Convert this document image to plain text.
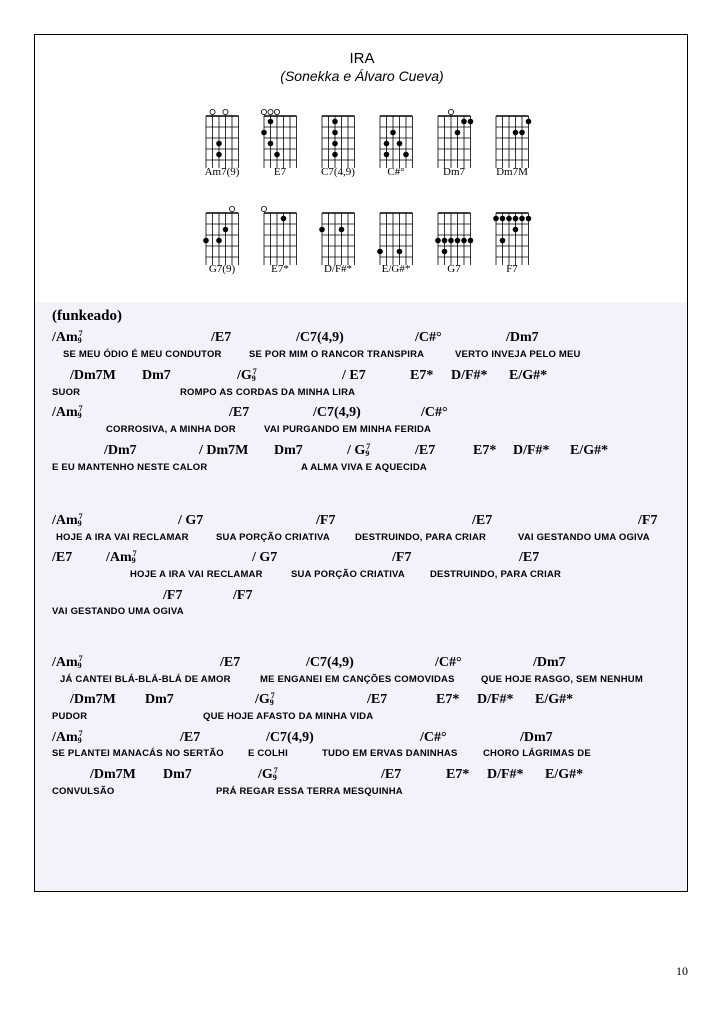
IRA
(Sonekka e Álvaro Cueva)
Am7(9)	E7	C7(4,9)	C#°	Dm7	Dm7M
G7(9)	E7*	D/F#*	E/G#*	G7	F7
(funkeado)
/Am$^7$9	/E7	/C7(4,9)	/C#°	/Dm7
SE MEU ÓDIO É MEU CONDUTOR	SE POR MIM O RANCOR TRANSPIRA	VERTO INVEJA PELO MEU
/Dm7M Dm7	$/G^79$	/ E7	E7* D/F#* E/G#*
SUOR	ROMPO AS CORDAS DA MINHA LIRA
/Am$^7$9	/E7	/C7(4,9)	/C#°
CORROSIVA, A MINHA DOR	VAI PURGANDO EM MINHA FERIDA
/Dm7	/ Dm7M Dm7	/ $G^79$	/E7	E7* D/F#* E/G#*
E EU MANTENHO NESTE CALOR	A ALMA VIVA E AQUECIDA
/Am$^7$9	/ G7	/F7	/E7	/F7
HOJE A IRA VAI RECLAMAR	SUA PORÇÃO CRIATIVA	DESTRUINDO, PARA CRIAR	VAI GESTANDO UMA OGIVA
/E7 /Am$^7$9	/ G7	/F7	/E7
HOJE A IRA VAI RECLAMAR	SUA PORÇÃO CRIATIVA	DESTRUINDO, PARA CRIAR
/F7	/F7
VAI GESTANDO UMA OGIVA
/Am$^7$9	/E7	/C7(4,9)	/C#°	/Dm7
JÁ CANTEI BLÁ-BLÁ-BLÁ DE AMOR	ME ENGANEI EM CANÇÕES COMOVIDAS	QUE HOJE RASGO, SEM NENHUM
/Dm7M Dm7	$/G^79$	/E7	E7* D/F#* E/G#*
PUDOR	QUE HOJE AFASTO DA MINHA VIDA
/Am$^7$9	/E7	/C7(4,9)	/C#°	/Dm7
SE PLANTEI MANACÁS NO SERTÃO	E COLHI	TUDO EM ERVAS DANINHAS	CHORO LÁGRIMAS DE
/Dm7M Dm7	$/G^79$	/E7	E7* D/F#* E/G#*
CONVULSÃO	PRÁ REGAR ESSA TERRA MESQUINHA
10
